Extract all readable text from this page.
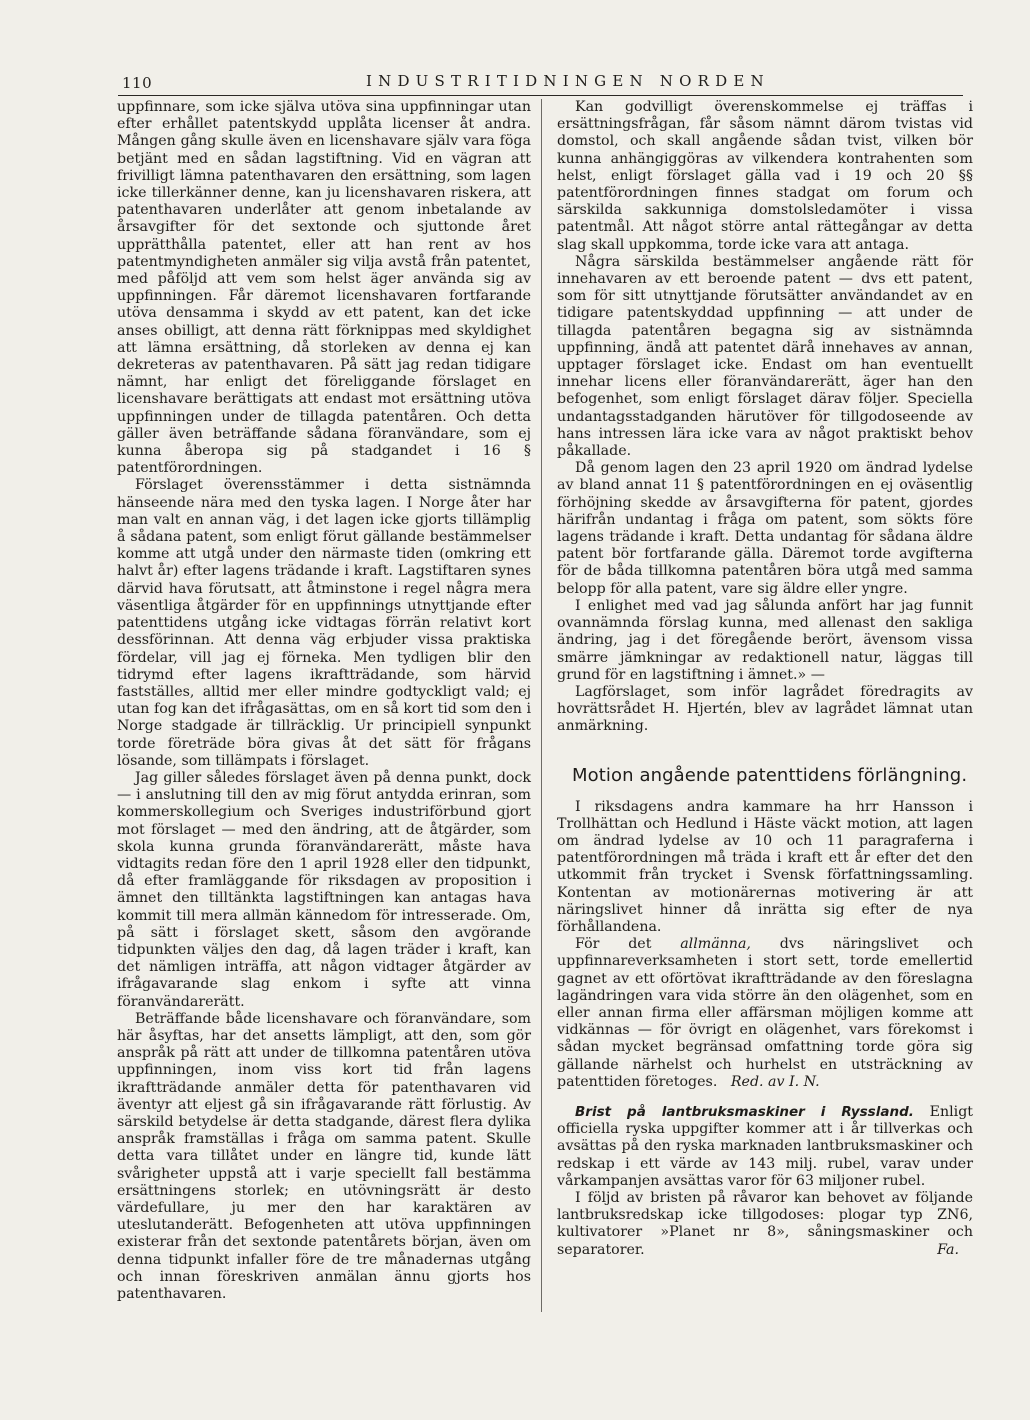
110	INDUSTRITIDNINGEN NORDEN

uppfinnare, som icke själva utöva sina uppfinningar utan efter erhållet patentskydd upplåta licenser åt andra. Mången gång skulle även en licenshavare själv vara föga betjänt med en sådan lagstiftning. Vid en vägran att frivilligt lämna patenthavaren den ersättning, som lagen icke tillerkänner denne, kan ju licenshavaren riskera, att patenthavaren underlåter att genom inbetalande av årsavgifter för det sextonde och sjuttonde året upprätthålla patentet, eller att han rent av hos patentmyndigheten anmäler sig vilja avstå från patentet, med påföljd att vem som helst äger använda sig av uppfinningen. Får däremot licenshavaren fortfarande utöva densamma i skydd av ett patent, kan det icke anses obilligt, att denna rätt förknippas med skyldighet att lämna ersättning, då storleken av denna ej kan dekreteras av patenthavaren. På sätt jag redan tidigare nämnt, har enligt det föreliggande förslaget en licenshavare berättigats att endast mot ersättning utöva uppfinningen under de tillagda patentåren. Och detta gäller även beträffande sådana föranvändare, som ej kunna åberopa sig på stadgandet i 16 § patentförordningen.

Förslaget överensstämmer i detta sistnämnda hänseende nära med den tyska lagen. I Norge åter har man valt en annan väg, i det lagen icke gjorts tillämplig å sådana patent, som enligt förut gällande bestämmelser komme att utgå under den närmaste tiden (omkring ett halvt år) efter lagens trädande i kraft. Lagstiftaren synes därvid hava förutsatt, att åtminstone i regel några mera väsentliga åtgärder för en uppfinnings utnyttjande efter patenttidens utgång icke vidtagas förrän relativt kort dessförinnan. Att denna väg erbjuder vissa praktiska fördelar, vill jag ej förneka. Men tydligen blir den tidrymd efter lagens ikraftträdande, som härvid fastställes, alltid mer eller mindre godtyckligt vald; ej utan fog kan det ifrågasättas, om en så kort tid som den i Norge stadgade är tillräcklig. Ur principiell synpunkt torde företräde böra givas åt det sätt för frågans lösande, som tillämpats i förslaget.

Jag giller således förslaget även på denna punkt, dock — i anslutning till den av mig förut antydda erinran, som kommerskollegium och Sveriges industriförbund gjort mot förslaget — med den ändring, att de åtgärder, som skola kunna grunda föranvändarerätt, måste hava vidtagits redan före den 1 april 1928 eller den tidpunkt, då efter framläggande för riksdagen av proposition i ämnet den tilltänkta lagstiftningen kan antagas hava kommit till mera allmän kännedom för intresserade. Om, på sätt i förslaget skett, såsom den avgörande tidpunkten väljes den dag, då lagen träder i kraft, kan det nämligen inträffa, att någon vidtager åtgärder av ifrågavarande slag enkom i syfte att vinna föranvändarerätt.

Beträffande både licenshavare och föranvändare, som här åsyftas, har det ansetts lämpligt, att den, som gör anspråk på rätt att under de tillkomna patentåren utöva uppfinningen, inom viss kort tid från lagens ikraftträdande anmäler detta för patenthavaren vid äventyr att eljest gå sin ifrågavarande rätt förlustig. Av särskild betydelse är detta stadgande, därest flera dylika anspråk framställas i fråga om samma patent. Skulle detta vara tillåtet under en längre tid, kunde lätt svårigheter uppstå att i varje speciellt fall bestämma ersättningens storlek; en utövningsrätt är desto värdefullare, ju mer den har karaktären av uteslutanderätt. Befogenheten att utöva uppfinningen existerar från det sextonde patentårets början, även om denna tidpunkt infaller före de tre månadernas utgång och innan föreskriven anmälan ännu gjorts hos patenthavaren.

Kan godvilligt överenskommelse ej träffas i ersättningsfrågan, får såsom nämnt därom tvistas vid domstol, och skall angående sådan tvist, vilken bör kunna anhängiggöras av vilkendera kontrahenten som helst, enligt förslaget gälla vad i 19 och 20 §§ patentförordningen finnes stadgat om forum och särskilda sakkunniga domstolsledamöter i vissa patentmål. Att något större antal rättegångar av detta slag skall uppkomma, torde icke vara att antaga.

Några särskilda bestämmelser angående rätt för innehavaren av ett beroende patent — dvs ett patent, som för sitt utnyttjande förutsätter användandet av en tidigare patentskyddad uppfinning — att under de tillagda patentåren begagna sig av sistnämnda uppfinning, ändå att patentet därå innehaves av annan, upptager förslaget icke. Endast om han eventuellt innehar licens eller föranvändarerätt, äger han den befogenhet, som enligt förslaget därav följer. Speciella undantagsstadganden härutöver för tillgodoseende av hans intressen lära icke vara av något praktiskt behov påkallade.

Då genom lagen den 23 april 1920 om ändrad lydelse av bland annat 11 § patentförordningen en ej oväsentlig förhöjning skedde av årsavgifterna för patent, gjordes härifrån undantag i fråga om patent, som sökts före lagens trädande i kraft. Detta undantag för sådana äldre patent bör fortfarande gälla. Däremot torde avgifterna för de båda tillkomna patentåren böra utgå med samma belopp för alla patent, vare sig äldre eller yngre.

I enlighet med vad jag sålunda anfört har jag funnit ovannämnda förslag kunna, med allenast den sakliga ändring, jag i det föregående berört, ävensom vissa smärre jämkningar av redaktionell natur, läggas till grund för en lagstiftning i ämnet.» —

Lagförslaget, som inför lagrådet föredragits av hovrättsrådet H. Hjertén, blev av lagrådet lämnat utan anmärkning.

Motion angående patenttidens förlängning.

I riksdagens andra kammare ha hrr Hansson i Trollhättan och Hedlund i Häste väckt motion, att lagen om ändrad lydelse av 10 och 11 paragraferna i patentförordningen må träda i kraft ett år efter det den utkommit från trycket i Svensk författningssamling. Kontentan av motionärernas motivering är att näringslivet hinner då inrätta sig efter de nya förhållandena.

För det allmänna, dvs näringslivet och uppfinnareverksamheten i stort sett, torde emellertid gagnet av ett oförtövat ikraftträdande av den föreslagna lagändringen vara vida större än den olägenhet, som en eller annan firma eller affärsman möjligen komme att vidkännas — för övrigt en olägenhet, vars förekomst i sådan mycket begränsad omfattning torde göra sig gällande närhelst och hurhelst en utsträckning av patenttiden företoges. Red. av I. N.

Brist på lantbruksmaskiner i Ryssland. Enligt officiella ryska uppgifter kommer att i år tillverkas och avsättas på den ryska marknaden lantbruksmaskiner och redskap i ett värde av 143 milj. rubel, varav under vårkampanjen avsättas varor för 63 miljoner rubel.

I följd av bristen på råvaror kan behovet av följande lantbruksredskap icke tillgodoses: plogar typ ZN6, kultivatorer »Planet nr 8», såningsmaskiner och separatorer.	Fa.
